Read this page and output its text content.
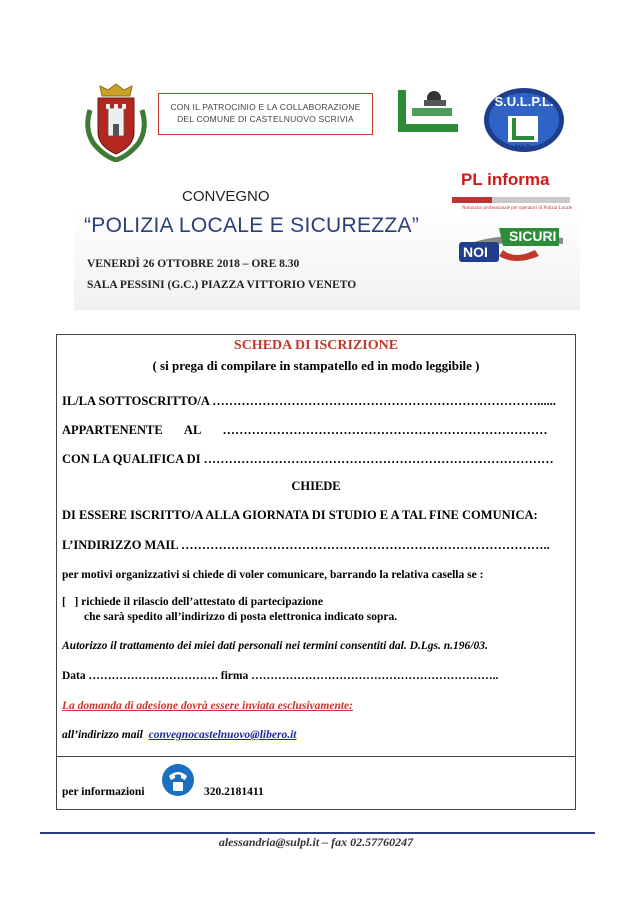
CON IL PATROCINIO E LA COLLABORAZIONE
DEL COMUNE DI CASTELNUOVO SCRIVIA
S.U.L.P.L.
S.U.L.P.L.
PL informa
Notiziario professionale per operatori di Polizia Locale
NOI
SICURI
CONVEGNO
“POLIZIA LOCALE E SICUREZZA”
VENERDÌ 26 OTTOBRE 2018 – ORE 8.30
SALA PESSINI (G.C.) PIAZZA VITTORIO VENETO
SCHEDA DI ISCRIZIONE
( si prega di compilare in stampatello ed in modo leggibile )
IL/LA SOTTOSCRITTO/A ……………………………………………………………………......
APPARTENENTE       AL       ……………………………………………………………………
CON LA QUALIFICA DI …………………………………………………………………………
CHIEDE
DI ESSERE ISCRITTO/A ALLA GIORNATA DI STUDIO E A TAL FINE COMUNICA:
L’INDIRIZZO MAIL ……………………………………………………………………………..
per motivi organizzativi si chiede di voler comunicare, barrando la relativa casella se :
[   ] richiede il rilascio dell’attestato di partecipazione
che sarà spedito all’indirizzo di posta elettronica indicato sopra.
Autorizzo il trattamento dei miei dati personali nei termini consentiti dal. D.Lgs. n.196/03.
Data ……………………………. firma ………………………………………………………..
La domanda di adesione dovrà essere inviata esclusivamente:
all’indirizzo mail convegnocastelnuovo@libero.it
per informazioni	320.2181411
alessandria@sulpl.it – fax 02.57760247
